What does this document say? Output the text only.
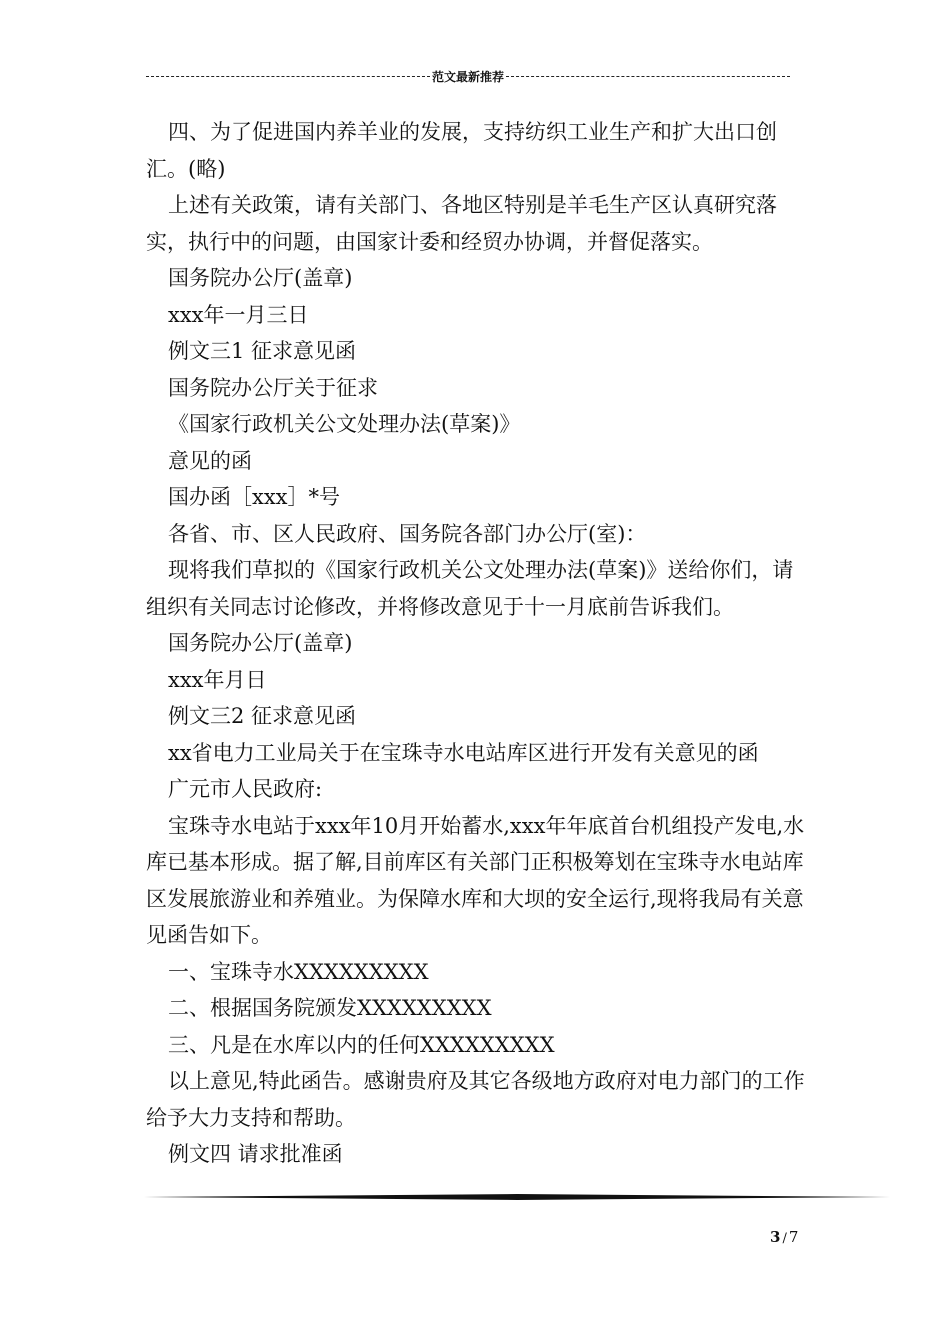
范文最新推荐

四、为了促进国内养羊业的发展，支持纺织工业生产和扩大出口创汇。(略)

上述有关政策，请有关部门、各地区特别是羊毛生产区认真研究落实，执行中的问题，由国家计委和经贸办协调，并督促落实。

国务院办公厅(盖章)

xxx年一月三日

例文三1 征求意见函

国务院办公厅关于征求

《国家行政机关公文处理办法(草案)》

意见的函

国办函［xxx］*号

各省、市、区人民政府、国务院各部门办公厅(室)：

现将我们草拟的《国家行政机关公文处理办法(草案)》送给你们，请组织有关同志讨论修改，并将修改意见于十一月底前告诉我们。

国务院办公厅(盖章)

xxx年月日

例文三2 征求意见函

xx省电力工业局关于在宝珠寺水电站库区进行开发有关意见的函

广元市人民政府:

宝珠寺水电站于xxx年10月开始蓄水,xxx年年底首台机组投产发电,水库已基本形成。据了解,目前库区有关部门正积极筹划在宝珠寺水电站库区发展旅游业和养殖业。为保障水库和大坝的安全运行,现将我局有关意见函告如下。

一、宝珠寺水XXXXXXXXX

二、根据国务院颁发XXXXXXXXX

三、凡是在水库以内的任何XXXXXXXXX

以上意见,特此函告。感谢贵府及其它各级地方政府对电力部门的工作给予大力支持和帮助。

例文四 请求批准函

3 / 7
